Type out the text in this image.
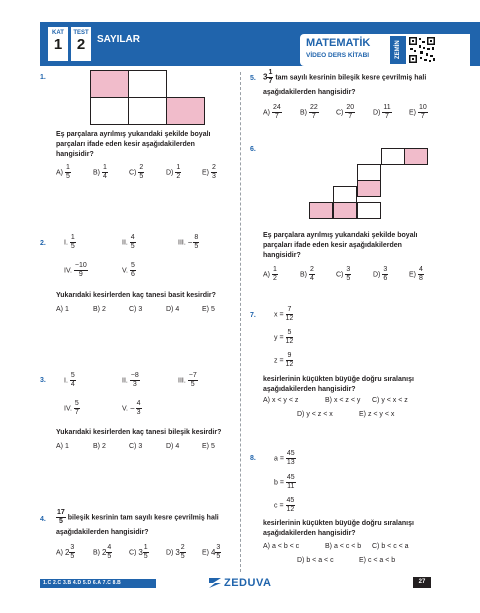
KAT
1
TEST
2	SAYILAR	MATEMATİK
VİDEO DERS KİTABI	ZEMİN
1.
Eş parçalara ayrılmış yukarıdaki şekilde boyalı parçaları ifade eden kesir aşağıdakilerden hangisidir?
$A) \frac{1}{5}$	$B) \frac{1}{4}$	$C) \frac{2}{5}$	$D) \frac{1}{2}$	$E) \frac{2}{3}$
2.	I. $\frac{1}{5}$	II. $\frac{4}{5}$	III. − $\frac{8}{5}$
IV. $\frac{-10}{9}$	V. $\frac{5}{6}$
Yukarıdaki kesirlerden kaç tanesi basit kesirdir?
A) 1	B) 2	C) 3	D) 4	E) 5
3.	I. $\frac{5}{4}$	II. $\frac{-8}{3}$	III. $\frac{-7}{5}$
IV. $\frac{5}{7}$	V. − $\frac{4}{3}$
Yukarıdaki kesirlerden kaç tanesi bileşik kesirdir?
A) 1	B) 2	C) 3	D) 4	E) 5
4. $\frac{17}{5}$ bileşik kesrinin tam sayılı kesre çevrilmiş hali
aşağıdakilerden hangisidir?
A) $2 \frac{3}{5}$	B) $2 \frac{4}{5} C$) $3 \frac{1}{5} D$) $3 \frac{2}{5} E$) $4 \frac{3}{5}$
5. $3 \frac{1}{7}$ tam sayılı kesrinin bileşik kesre çevrilmiş hali
aşağıdakilerden hangisidir?
$A) \frac{24}{7}$	$B) \frac{22}{7} C) \frac{20}{7}$	$D) \frac{11}{7} E) \frac{10}{7}$
6.
Eş parçalara ayrılmış yukarıdaki şekilde boyalı parçaları ifade eden kesir aşağıdakilerden hangisidir?
$A) \frac{1}{2}$	$B) \frac{2}{4}$	$C) \frac{3}{5}$	$D) \frac{3}{6}$	$E) \frac{4}{8}$
7.	$x = \frac{7}{12}$
$y = \frac{5}{12}$
$z = \frac{9}{12}$
kesirlerinin küçükten büyüğe doğru sıralanışı aşağıdakilerden hangisidir?
A) x < y < z	B) x < z < y C) y < x < z
D) y < z < x	E) z < y < x
8.	$a = \frac{45}{13}$
$b = \frac{45}{11}$
$c = \frac{45}{12}$
kesirlerinin küçükten büyüğe doğru sıralanışı aşağıdakilerden hangisidir?
A) a < b < c	B) a < c < b C) b < c < a
D) b < a < c	E) c < a < b
1.C 2.C 3.B 4.D 5.D 6.A 7.C 8.B	ZEDUVA	27
